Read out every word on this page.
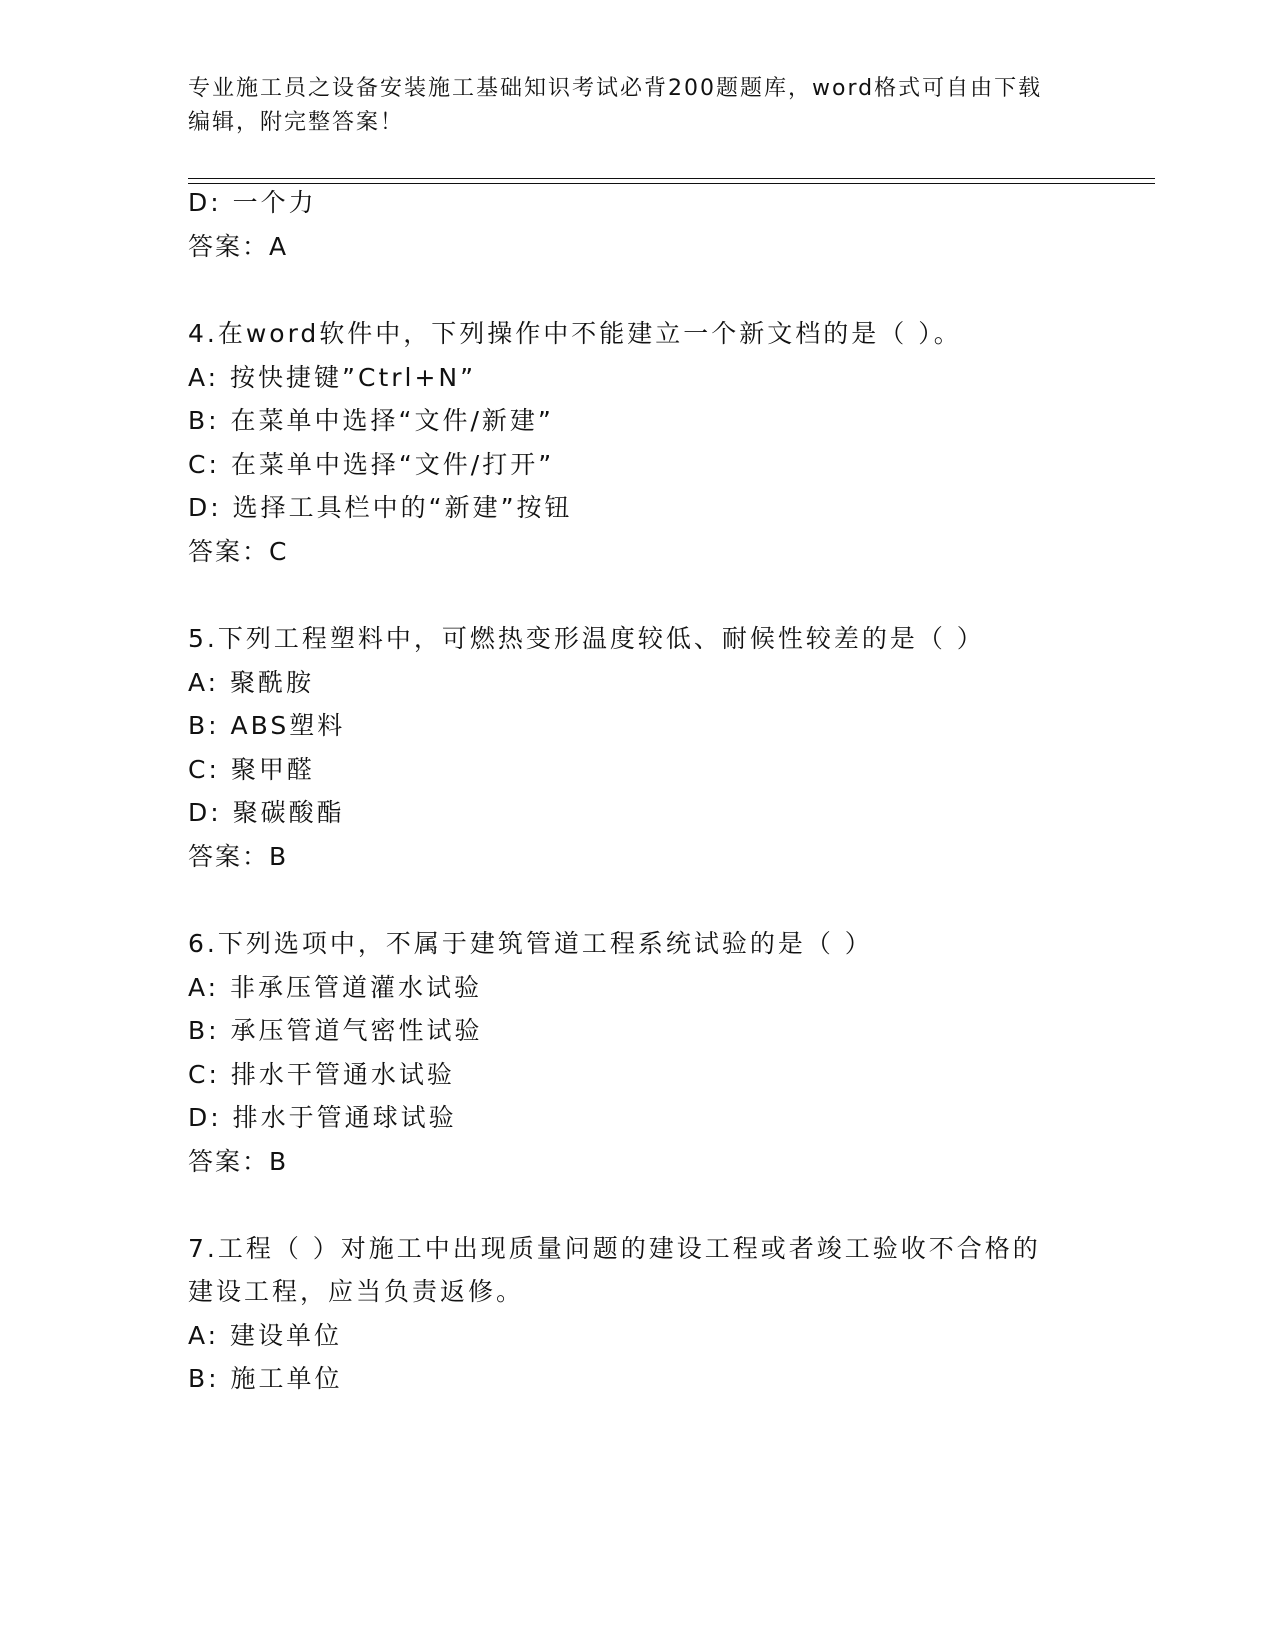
专业施工员之设备安装施工基础知识考试必背200题题库，word格式可自由下载
编辑，附完整答案！
D: 一个力
答案：A
4.在word软件中，下列操作中不能建立一个新文档的是（ ）。
A: 按快捷键”Ctrl+N”
B: 在菜单中选择“文件/新建”
C: 在菜单中选择“文件/打开”
D: 选择工具栏中的“新建”按钮
答案：C
5.下列工程塑料中，可燃热变形温度较低、耐候性较差的是（ ）
A: 聚酰胺
B: ABS塑料
C: 聚甲醛
D: 聚碳酸酯
答案：B
6.下列选项中，不属于建筑管道工程系统试验的是（ ）
A: 非承压管道灌水试验
B: 承压管道气密性试验
C: 排水干管通水试验
D: 排水于管通球试验
答案：B
7.工程（ ）对施工中出现质量问题的建设工程或者竣工验收不合格的
建设工程，应当负责返修。
A: 建设单位
B: 施工单位
